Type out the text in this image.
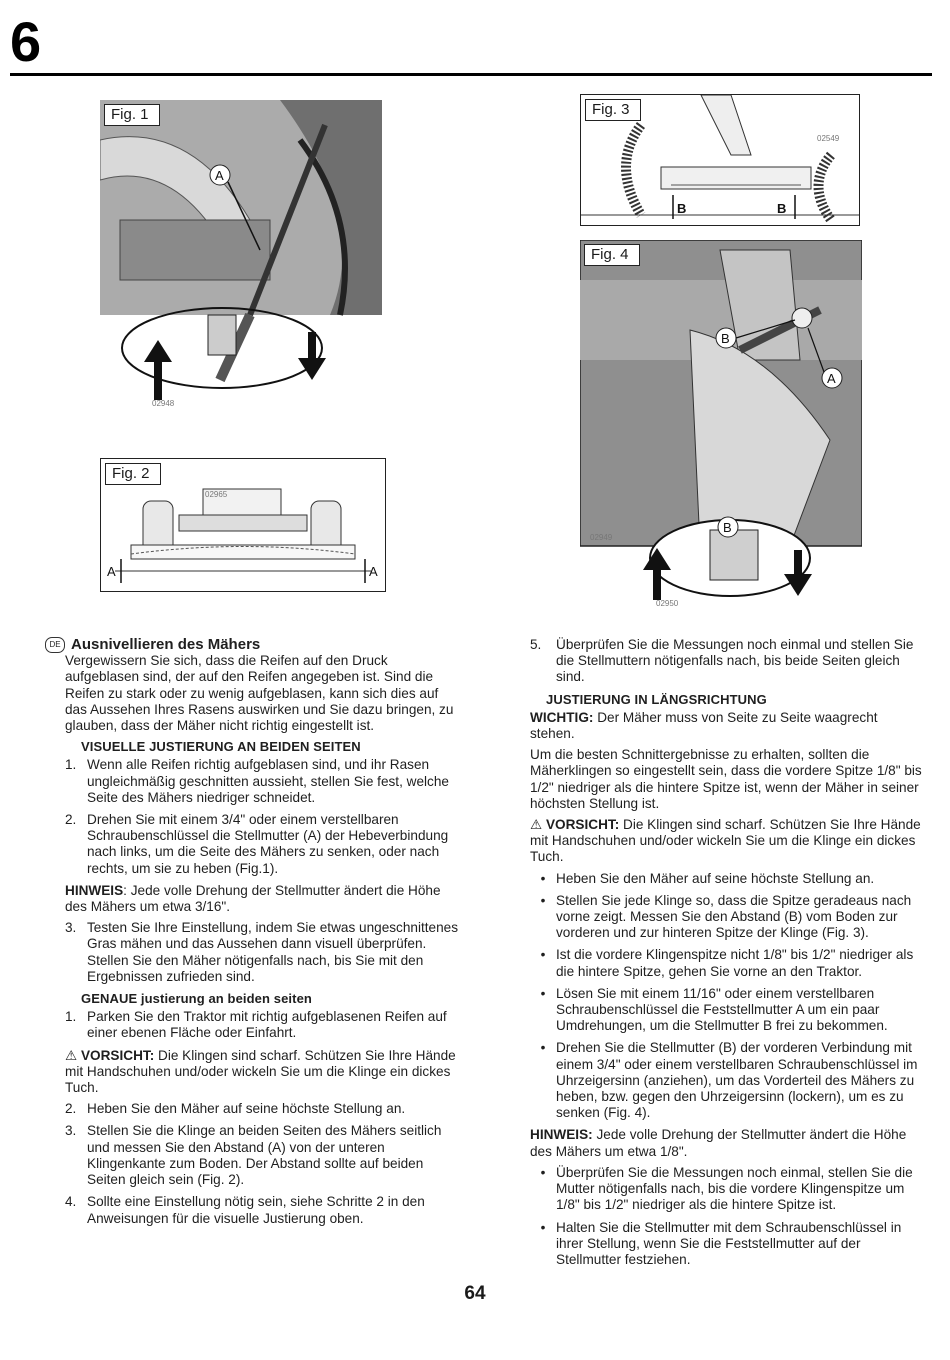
6
A
02948
Fig. 1
A	A
02965
Fig. 2
B	B
02549
Fig. 3
B
A
02949
B
02950
Fig. 4
DE Ausnivellieren des Mähers

Vergewissern Sie sich, dass die Reifen auf den Druck aufgeblasen sind, der auf den Reifen angegeben ist. Sind die Reifen zu stark oder zu wenig aufgeblasen, kann sich dies auf das Aussehen Ihres Rasens auswirken und Sie dazu bringen, zu glauben, dass der Mäher nicht richtig eingestellt ist.

VISUELLE JUSTIERUNG AN BEIDEN SEITEN
1. Wenn alle Reifen richtig aufgeblasen sind, und ihr Rasen ungleichmäßig geschnitten aussieht, stellen Sie fest, welche Seite des Mähers niedriger schneidet.
2. Drehen Sie mit einem 3/4" oder einem verstellbaren Schraubenschlüssel die Stellmutter (A) der Hebeverbindung nach links, um die Seite des Mähers zu senken, oder nach rechts, um sie zu heben (Fig.1).

HINWEIS: Jede volle Drehung der Stellmutter ändert die Höhe des Mähers um etwa 3/16".

3. Testen Sie Ihre Einstellung, indem Sie etwas ungeschnittenes Gras mähen und das Aussehen dann visuell überprüfen. Stellen Sie den Mäher nötigenfalls nach, bis Sie mit den Ergebnissen zufrieden sind.
GENAUE justierung an beiden seiten
1. Parken Sie den Traktor mit richtig aufgeblasenen Reifen auf einer ebenen Fläche oder Einfahrt.

⚠ VORSICHT: Die Klingen sind scharf. Schützen Sie Ihre Hände mit Handschuhen und/oder wickeln Sie um die Klinge ein dickes Tuch.

2. Heben Sie den Mäher auf seine höchste Stellung an.
3. Stellen Sie die Klinge an beiden Seiten des Mähers seitlich und messen Sie den Abstand (A) von der unteren Klingenkante zum Boden. Der Abstand sollte auf beiden Seiten gleich sein (Fig. 2).
4. Sollte eine Einstellung nötig sein, siehe Schritte 2 in den Anweisungen für die visuelle Justierung oben.
5.	Überprüfen Sie die Messungen noch einmal und stellen Sie die Stellmuttern nötigenfalls nach, bis beide Seiten gleich sind.
JUSTIERUNG IN LÄNGSRICHTUNG

WICHTIG: Der Mäher muss von Seite zu Seite waagrecht stehen.

Um die besten Schnittergebnisse zu erhalten, sollten die Mäherklingen so eingestellt sein, dass die vordere Spitze 1/8" bis 1/2" niedriger als die hintere Spitze ist, wenn der Mäher in seiner höchsten Stellung ist.

⚠ VORSICHT: Die Klingen sind scharf. Schützen Sie Ihre Hände mit Handschuhen und/oder wickeln Sie um die Klinge ein dickes Tuch.

• Heben Sie den Mäher auf seine höchste Stellung an.
• Stellen Sie jede Klinge so, dass die Spitze geradeaus nach vorne zeigt. Messen Sie den Abstand (B) vom Boden zur vorderen und zur hinteren Spitze der Klinge (Fig. 3).
• Ist die vordere Klingenspitze nicht 1/8" bis 1/2" niedriger als die hintere Spitze, gehen Sie vorne an den Traktor.
• Lösen Sie mit einem 11/16" oder einem verstellbaren Schraubenschlüssel die Feststellmutter A um ein paar Umdrehungen, um die Stellmutter B frei zu bekommen.
• Drehen Sie die Stellmutter (B) der vorderen Verbindung mit einem 3/4" oder einem verstellbaren Schraubenschlüssel im Uhrzeigersinn (anziehen), um das Vorderteil des Mähers zu heben, bzw. gegen den Uhrzeigersinn (lockern), um es zu senken (Fig. 4).

HINWEIS: Jede volle Drehung der Stellmutter ändert die Höhe des Mähers um etwa 1/8".

• Überprüfen Sie die Messungen noch einmal, stellen Sie die Mutter nötigenfalls nach, bis die vordere Klingenspitze um 1/8" bis 1/2" niedriger als die hintere Spitze ist.
• Halten Sie die Stellmutter mit dem Schraubenschlüssel in ihrer Stellung, wenn Sie die Feststellmutter auf der Stellmutter festziehen.
64
